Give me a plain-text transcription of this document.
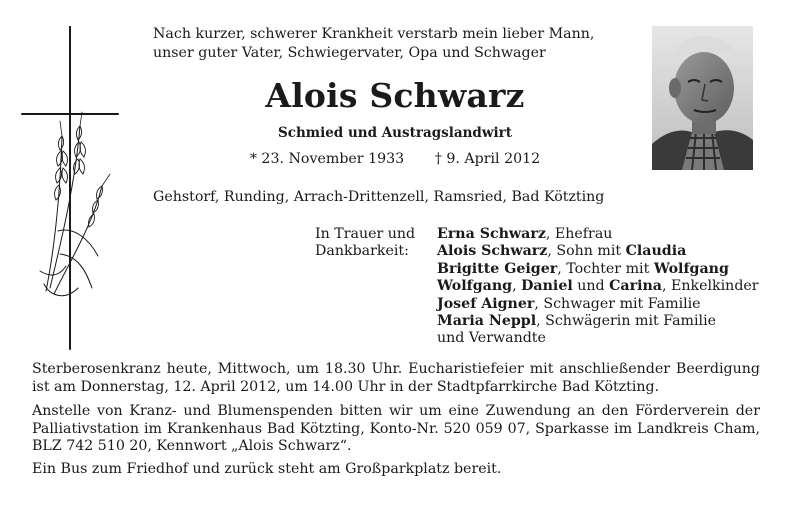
Nach kurzer, schwerer Krankheit verstarb mein lieber Mann,
unser guter Vater, Schwiegervater, Opa und Schwager
Alois Schwarz
Schmied und Austragslandwirt
* 23. November 1933 † 9. April 2012
Gehstorf, Runding, Arrach-Drittenzell, Ramsried, Bad Kötzting
In Trauer und
Dankbarkeit:
Erna Schwarz, Ehefrau
Alois Schwarz, Sohn mit Claudia
Brigitte Geiger, Tochter mit Wolfgang
Wolfgang, Daniel und Carina, Enkelkinder
Josef Aigner, Schwager mit Familie
Maria Neppl, Schwägerin mit Familie
und Verwandte
Sterberosenkranz heute, Mittwoch, um 18.30 Uhr. Eucharistiefeier mit anschließender Beerdigung ist am Donnerstag, 12. April 2012, um 14.00 Uhr in der Stadtpfarrkirche Bad Kötzting.
Anstelle von Kranz- und Blumenspenden bitten wir um eine Zuwendung an den Förderverein der Palliativstation im Krankenhaus Bad Kötzting, Konto-Nr. 520 059 07, Sparkasse im Landkreis Cham, BLZ 742 510 20, Kennwort „Alois Schwarz“.
Ein Bus zum Friedhof und zurück steht am Großparkplatz bereit.
